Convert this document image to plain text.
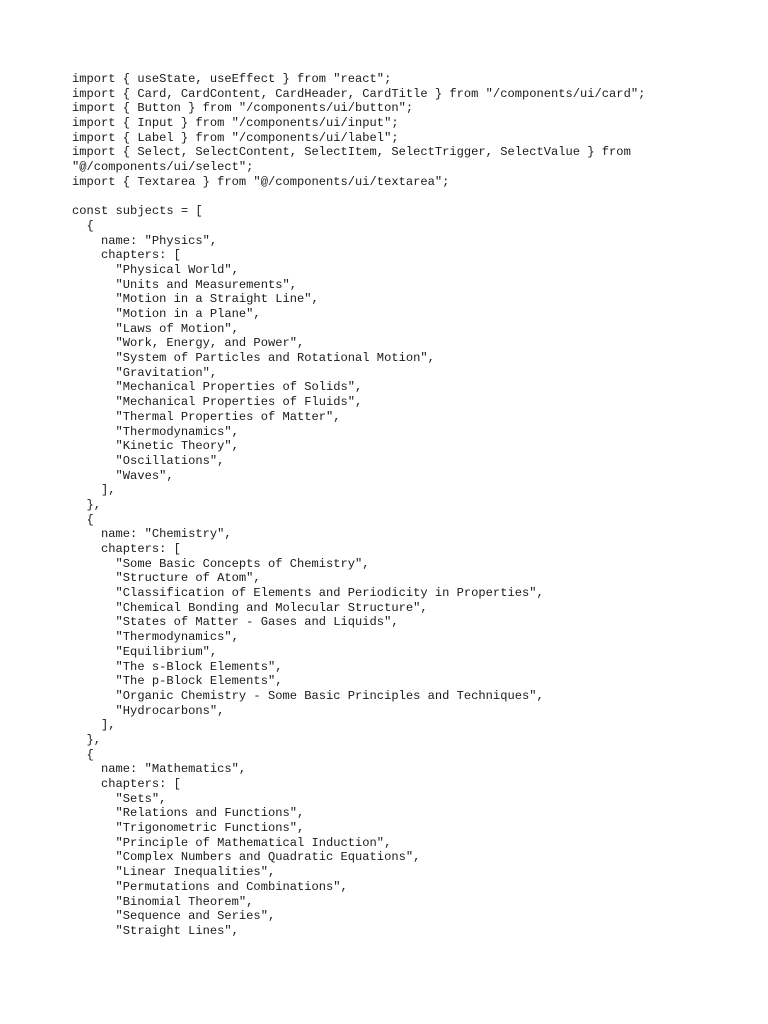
import { useState, useEffect } from "react";
import { Card, CardContent, CardHeader, CardTitle } from "/components/ui/card";
import { Button } from "/components/ui/button";
import { Input } from "/components/ui/input";
import { Label } from "/components/ui/label";
import { Select, SelectContent, SelectItem, SelectTrigger, SelectValue } from
"@/components/ui/select";
import { Textarea } from "@/components/ui/textarea";
const subjects = [
{
name: "Physics",
chapters: [
"Physical World",
"Units and Measurements",
"Motion in a Straight Line",
"Motion in a Plane",
"Laws of Motion",
"Work, Energy, and Power",
"System of Particles and Rotational Motion",
"Gravitation",
"Mechanical Properties of Solids",
"Mechanical Properties of Fluids",
"Thermal Properties of Matter",
"Thermodynamics",
"Kinetic Theory",
"Oscillations",
"Waves",
],
},
{
name: "Chemistry",
chapters: [
"Some Basic Concepts of Chemistry",
"Structure of Atom",
"Classification of Elements and Periodicity in Properties",
"Chemical Bonding and Molecular Structure",
"States of Matter - Gases and Liquids",
"Thermodynamics",
"Equilibrium",
"The s-Block Elements",
"The p-Block Elements",
"Organic Chemistry - Some Basic Principles and Techniques",
"Hydrocarbons",
],
},
{
name: "Mathematics",
chapters: [
"Sets",
"Relations and Functions",
"Trigonometric Functions",
"Principle of Mathematical Induction",
"Complex Numbers and Quadratic Equations",
"Linear Inequalities",
"Permutations and Combinations",
"Binomial Theorem",
"Sequence and Series",
"Straight Lines",
